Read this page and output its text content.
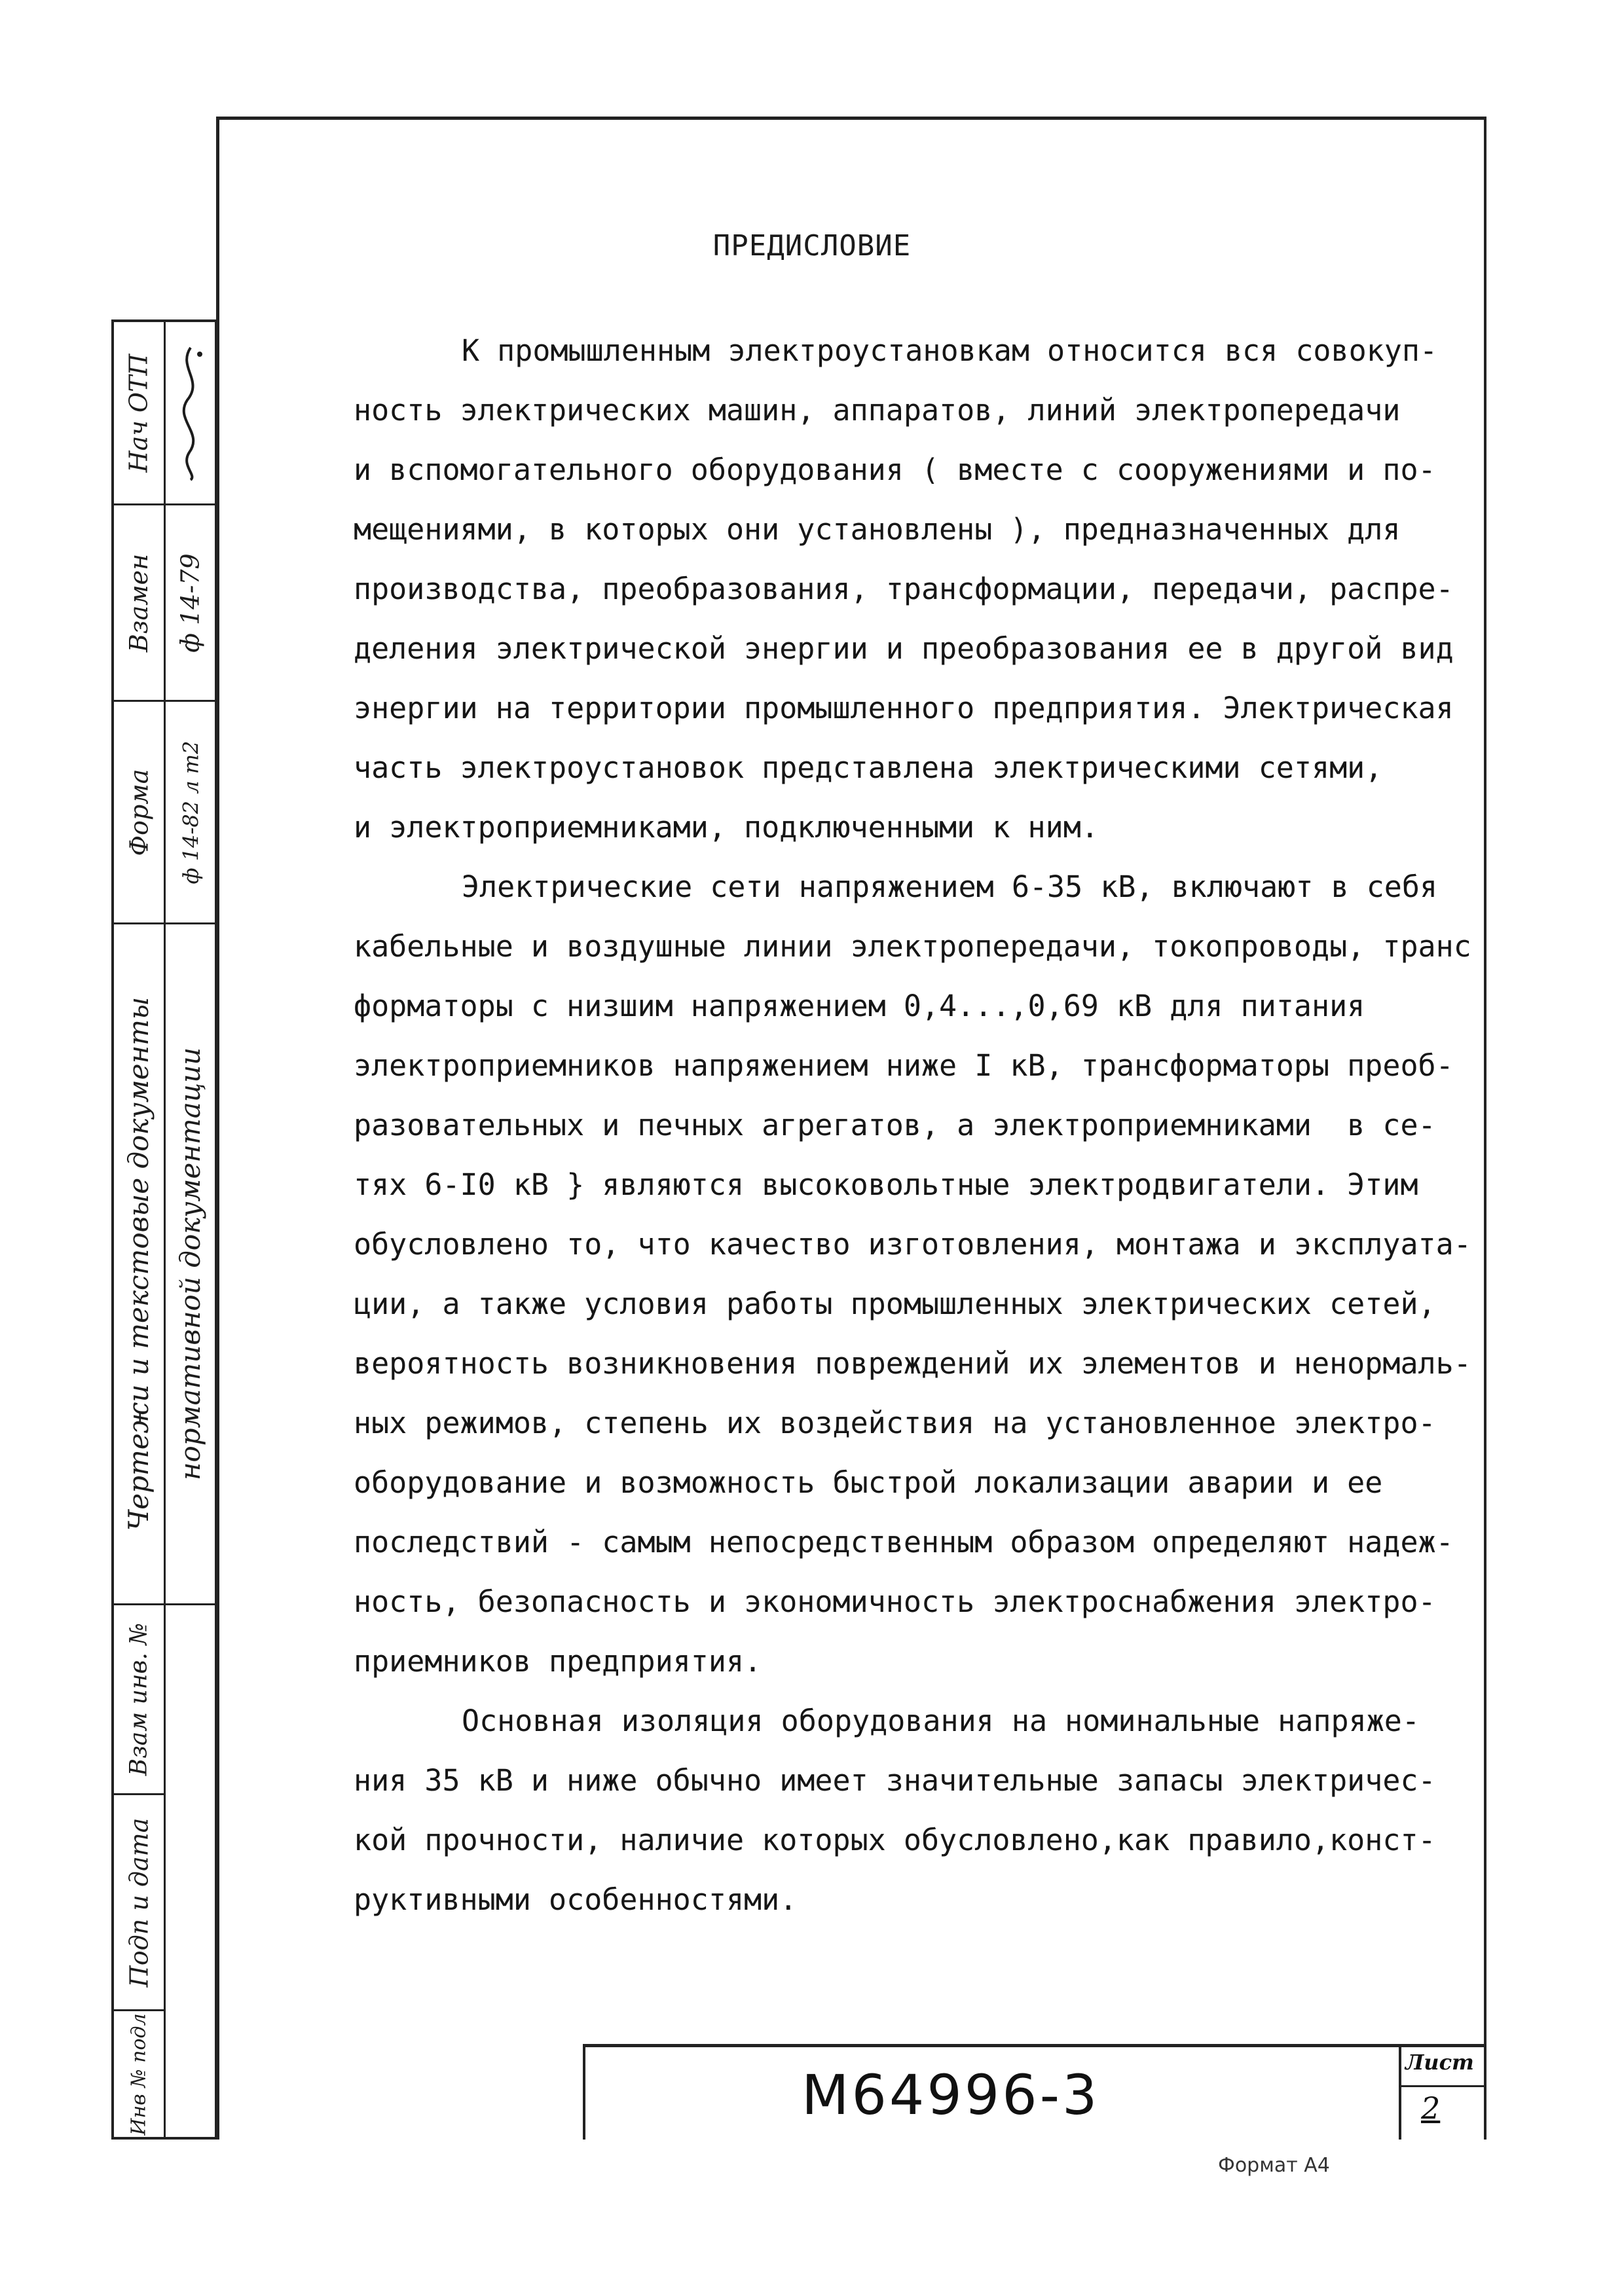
ПРЕДИСЛОВИЕ
К промышленным электроустановкам относится вся совокуп-
ность электрических машин, аппаратов, линий электропередачи
и вспомогательного оборудования ( вместе с сооружениями и по-
мещениями, в которых они установлены ), предназначенных для
производства, преобразования, трансформации, передачи, распре-
деления электрической энергии и преобразования ее в другой вид
энергии на территории промышленного предприятия. Электрическая
часть электроустановок представлена электрическими сетями,
и электроприемниками, подключенными к ним.
Электрические сети напряжением 6-35 кВ, включают в себя
кабельные и воздушные линии электропередачи, токопроводы, транс
форматоры с низшим напряжением 0,4...,0,69 кВ для питания
электроприемников напряжением ниже I кВ, трансформаторы преоб-
разовательных и печных агрегатов, а электроприемниками  в се-
тях 6-I0 кВ } являются высоковольтные электродвигатели. Этим
обусловлено то, что качество изготовления, монтажа и эксплуата-
ции, а также условия работы промышленных электрических сетей,
вероятность возникновения повреждений их элементов и ненормаль-
ных режимов, степень их воздействия на установленное электро-
оборудование и возможность быстрой локализации аварии и ее
последствий - самым непосредственным образом определяют надеж-
ность, безопасность и экономичность электроснабжения электро-
приемников предприятия.
Основная изоляция оборудования на номинальные напряже-
ния 35 кВ и ниже обычно имеет значительные запасы электричес-
кой прочности, наличие которых обусловлено,как правило,конст-
руктивными особенностями.
Нач ОТП
Взамен ф 14-79
Форма ф 14-82 л т2
Чертежи и текстовые документы нормативной документации
Взам инв. №
Подп и дата
Инв № подл	М64996-3
Лист
2
Формат А4
